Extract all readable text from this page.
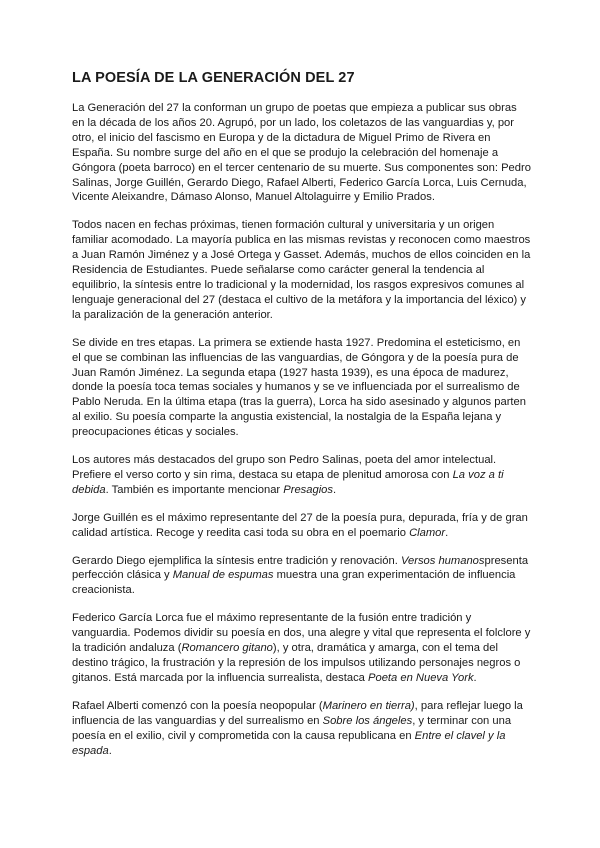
LA POESÍA DE LA GENERACIÓN DEL 27

La Generación del 27 la conforman un grupo de poetas que empieza a publicar sus obras en la década de los años 20. Agrupó, por un lado, los coletazos de las vanguardias y, por otro, el inicio del fascismo en Europa y de la dictadura de Miguel Primo de Rivera en España. Su nombre surge del año en el que se produjo la celebración del homenaje a Góngora (poeta barroco) en el tercer centenario de su muerte. Sus componentes son: Pedro Salinas, Jorge Guillén, Gerardo Diego, Rafael Alberti, Federico García Lorca, Luis Cernuda, Vicente Aleixandre, Dámaso Alonso, Manuel Altolaguirre y Emilio Prados.

Todos nacen en fechas próximas, tienen formación cultural y universitaria y un origen familiar acomodado. La mayoría publica en las mismas revistas y reconocen como maestros a Juan Ramón Jiménez y a José Ortega y Gasset. Además, muchos de ellos coinciden en la Residencia de Estudiantes. Puede señalarse como carácter general la tendencia al equilibrio, la síntesis entre lo tradicional y la modernidad, los rasgos expresivos comunes al lenguaje generacional del 27 (destaca el cultivo de la metáfora y la importancia del léxico) y la paralización de la generación anterior.

Se divide en tres etapas. La primera se extiende hasta 1927. Predomina el esteticismo, en el que se combinan las influencias de las vanguardias, de Góngora y de la poesía pura de Juan Ramón Jiménez. La segunda etapa (1927 hasta 1939), es una época de madurez, donde la poesía toca temas sociales y humanos y se ve influenciada por el surrealismo de Pablo Neruda. En la última etapa (tras la guerra), Lorca ha sido asesinado y algunos parten al exilio. Su poesía comparte la angustia existencial, la nostalgia de la España lejana y preocupaciones éticas y sociales.

Los autores más destacados del grupo son Pedro Salinas, poeta del amor intelectual. Prefiere el verso corto y sin rima, destaca su etapa de plenitud amorosa con La voz a ti debida. También es importante mencionar Presagios.

Jorge Guillén es el máximo representante del 27 de la poesía pura, depurada, fría y de gran calidad artística. Recoge y reedita casi toda su obra en el poemario Clamor.

Gerardo Diego ejemplifica la síntesis entre tradición y renovación. Versos humanospresenta perfección clásica y Manual de espumas muestra una gran experimentación de influencia creacionista.

Federico García Lorca fue el máximo representante de la fusión entre tradición y vanguardia. Podemos dividir su poesía en dos, una alegre y vital que representa el folclore y la tradición andaluza (Romancero gitano), y otra, dramática y amarga, con el tema del destino trágico, la frustración y la represión de los impulsos utilizando personajes negros o gitanos. Está marcada por la influencia surrealista, destaca Poeta en Nueva York.

Rafael Alberti comenzó con la poesía neopopular (Marinero en tierra), para reflejar luego la influencia de las vanguardias y del surrealismo en Sobre los ángeles, y terminar con una poesía en el exilio, civil y comprometida con la causa republicana en Entre el clavel y la espada.
